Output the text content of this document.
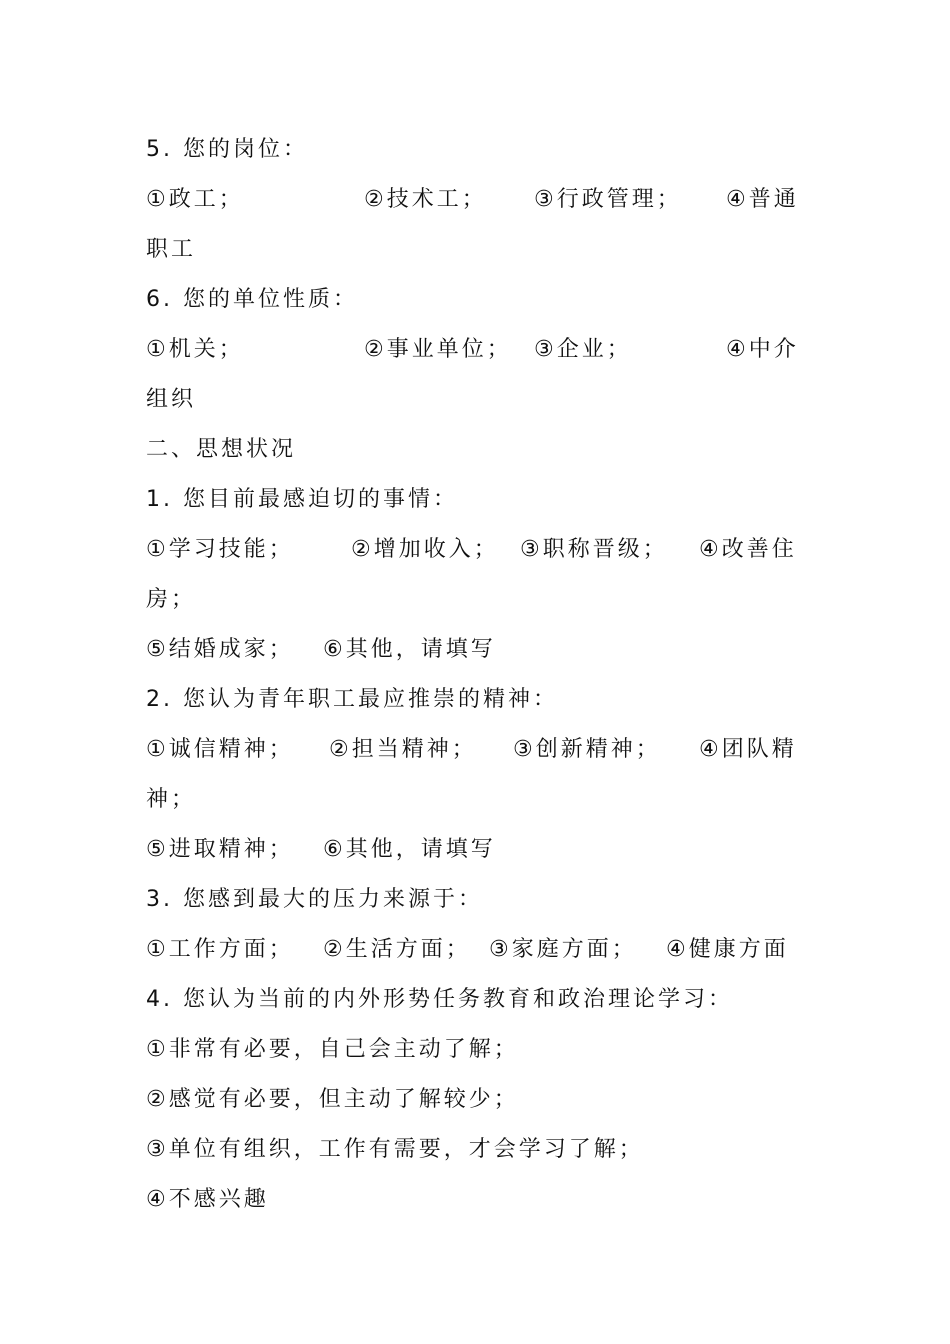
5. 您的岗位：
①政工；	②技术工； ③行政管理； ④普通
职工
6. 您的单位性质：
①机关；	②事业单位； ③企业；	④中介
组织
二、思想状况
1. 您目前最感迫切的事情：
①学习技能；	②增加收入； ③职称晋级； ④改善住
房；
⑤结婚成家； ⑥其他，请填写
2. 您认为青年职工最应推崇的精神：
①诚信精神； ②担当精神； ③创新精神； ④团队精
神；
⑤进取精神； ⑥其他，请填写
3. 您感到最大的压力来源于：
①工作方面； ②生活方面； ③家庭方面； ④健康方面
4. 您认为当前的内外形势任务教育和政治理论学习：
①非常有必要，自己会主动了解；
②感觉有必要，但主动了解较少；
③单位有组织，工作有需要，才会学习了解；
④不感兴趣
